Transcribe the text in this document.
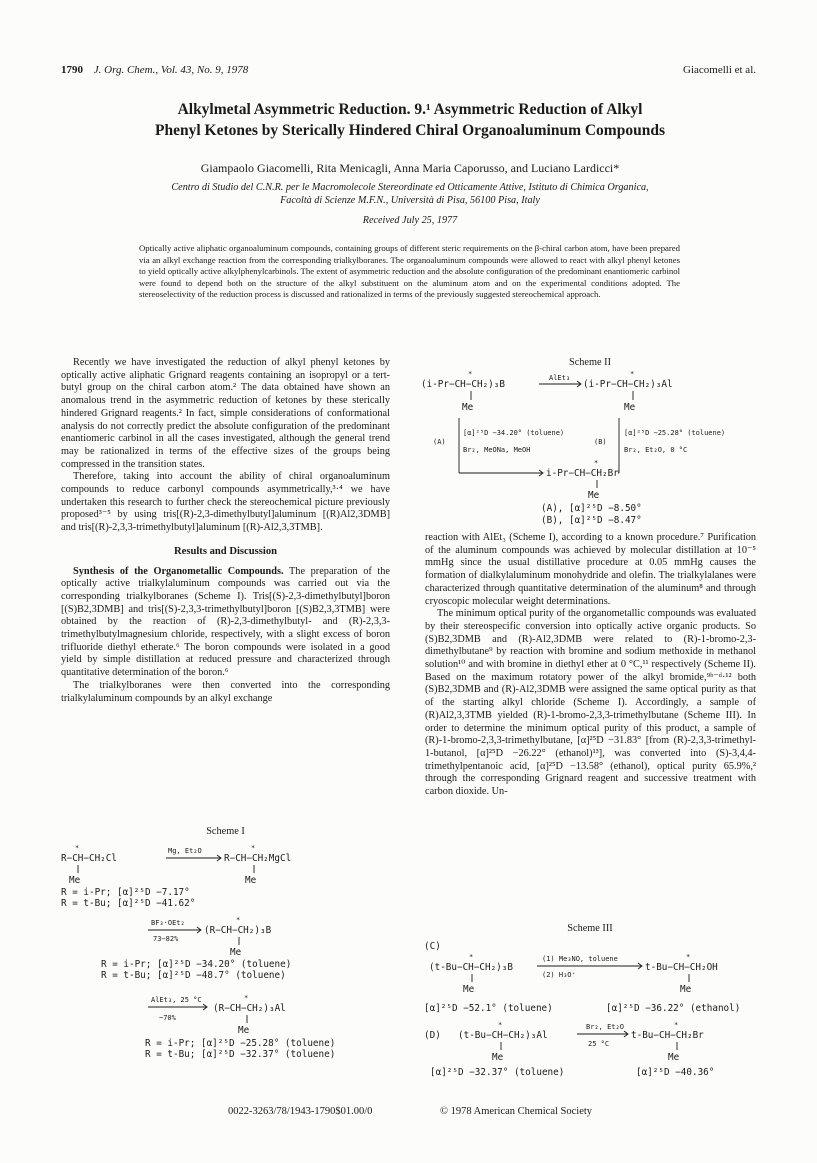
1790 J. Org. Chem., Vol. 43, No. 9, 1978	Giacomelli et al.
Alkylmetal Asymmetric Reduction. 9.¹ Asymmetric Reduction of Alkyl
Phenyl Ketones by Sterically Hindered Chiral Organoaluminum Compounds
Giampaolo Giacomelli, Rita Menicagli, Anna Maria Caporusso, and Luciano Lardicci*
Centro di Studio del C.N.R. per le Macromolecole Stereordinate ed Otticamente Attive, Istituto di Chimica Organica,
Facoltà di Scienze M.F.N., Università di Pisa, 56100 Pisa, Italy
Received July 25, 1977
Optically active aliphatic organoaluminum compounds, containing groups of different steric requirements on the β-chiral carbon atom, have been prepared via an alkyl exchange reaction from the corresponding trialkylboranes. The organoaluminum compounds were allowed to react with alkyl phenyl ketones to yield optically active alkylphenylcarbinols. The extent of asymmetric reduction and the absolute configuration of the predominant enantiomeric carbinol were found to depend both on the structure of the alkyl substituent on the aluminum atom and on the experimental conditions adopted. The stereoselectivity of the reduction process is discussed and rationalized in terms of the previously suggested stereochemical approach.

Recently we have investigated the reduction of alkyl phenyl ketones by optically active aliphatic Grignard reagents containing an isopropyl or a tert-butyl group on the chiral carbon atom.² The data obtained have shown an anomalous trend in the asymmetric reduction of ketones by these sterically hindered Grignard reagents.² In fact, simple considerations of conformational analysis do not correctly predict the absolute configuration of the predominant enantiomeric carbinol in all the cases investigated, although the general trend may be rationalized in terms of the effective sizes of the groups being compressed in the transition states.

Therefore, taking into account the ability of chiral organoaluminum compounds to reduce carbonyl compounds asymmetrically,³·⁴ we have undertaken this research to further check the stereochemical picture previously proposed³⁻⁵ by using tris[(R)-2,3-dimethylbutyl]aluminum [(R)Al2,3DMB] and tris[(R)-2,3,3-trimethylbutyl]aluminum [(R)-Al2,3,3TMB].

Results and Discussion

Synthesis of the Organometallic Compounds. The preparation of the optically active trialkylaluminum compounds was carried out via the corresponding trialkylboranes (Scheme I). Tris[(S)-2,3-dimethylbutyl]boron [(S)B2,3DMB] and tris[(S)-2,3,3-trimethylbutyl]boron [(S)B2,3,3TMB] were obtained by the reaction of (R)-2,3-dimethylbutyl- and (R)-2,3,3-trimethylbutylmagnesium chloride, respectively, with a slight excess of boron trifluoride diethyl etherate.⁶ The boron compounds were isolated in a good yield by simple distillation at reduced pressure and characterized through quantitative determination of the boron.⁶

The trialkylboranes were then converted into the corresponding trialkylaluminum compounds by an alkyl exchange

Scheme I
*
R−CH−CH₂Cl
Me
Mg, Et₂O	*
R−CH−CH₂MgCl
Me
R = i-Pr; [α]²⁵D −7.17°
R = t-Bu; [α]²⁵D −41.62°
BF₃·OEt₂
73−82%
*
(R−CH−CH₂)₃B
Me
R = i-Pr; [α]²⁵D −34.20° (toluene)
R = t-Bu; [α]²⁵D −48.7° (toluene)
AlEt₃, 25 °C
~70%
*
(R−CH−CH₂)₃Al
Me
R = i-Pr; [α]²⁵D −25.28° (toluene)
R = t-Bu; [α]²⁵D −32.37° (toluene)
Scheme II
*
(i-Pr−CH−CH₂)₃B
Me
AlEt₃	*
(i-Pr−CH−CH₂)₃Al
Me
(A)
[α]²⁵D −34.20° (toluene)
Br₂, MeONa, MeOH
(B)
[α]²⁵D −25.28° (toluene)
Br₂, Et₂O, 0 °C
*
i-Pr−CH−CH₂Br
Me
(A), [α]²⁵D −8.50°
(B), [α]²⁵D −8.47°

reaction with AlEt₃ (Scheme I), according to a known procedure.⁷ Purification of the aluminum compounds was achieved by molecular distillation at 10⁻⁵ mmHg since the usual distillative procedure at 0.05 mmHg causes the formation of dialkylaluminum monohydride and olefin. The trialkylalanes were characterized through quantitative determination of the aluminum⁸ and through cryoscopic molecular weight determinations.

The minimum optical purity of the organometallic compounds was evaluated by their stereospecific conversion into optically active organic products. So (S)B2,3DMB and (R)-Al2,3DMB were related to (R)-1-bromo-2,3-dimethylbutane⁹ by reaction with bromine and sodium methoxide in methanol solution¹⁰ and with bromine in diethyl ether at 0 °C,¹¹ respectively (Scheme II). Based on the maximum rotatory power of the alkyl bromide,⁹ᵇ⁻ᵈ·¹² both (S)B2,3DMB and (R)-Al2,3DMB were assigned the same optical purity as that of the starting alkyl chloride (Scheme I). Accordingly, a sample of (R)Al2,3,3TMB yielded (R)-1-bromo-2,3,3-trimethylbutane (Scheme III). In order to determine the minimum optical purity of this product, a sample of (R)-1-bromo-2,3,3-trimethylbutane, [α]²⁵D −31.83° [from (R)-2,3,3-trimethyl-1-butanol, [α]²⁵D −26.22° (ethanol)¹³], was converted into (S)-3,4,4-trimethylpentanoic acid, [α]²⁵D −13.58° (ethanol), optical purity 65.9%,² through the corresponding Grignard reagent and successive treatment with carbon dioxide. Un-

Scheme III
(C)
*
(t-Bu−CH−CH₂)₃B
Me
(1) Me₃NO, toluene
(2) H₃O⁺
*
t-Bu−CH−CH₂OH
Me
[α]²⁵D −52.1° (toluene)	[α]²⁵D −36.22° (ethanol)
(D)
*
(t-Bu−CH−CH₂)₃Al
Me
Br₂, Et₂O
25 °C
*
t-Bu−CH−CH₂Br
Me
[α]²⁵D −32.37° (toluene)	[α]²⁵D −40.36°
0022-3263/78/1943-1790$01.00/0	© 1978 American Chemical Society
